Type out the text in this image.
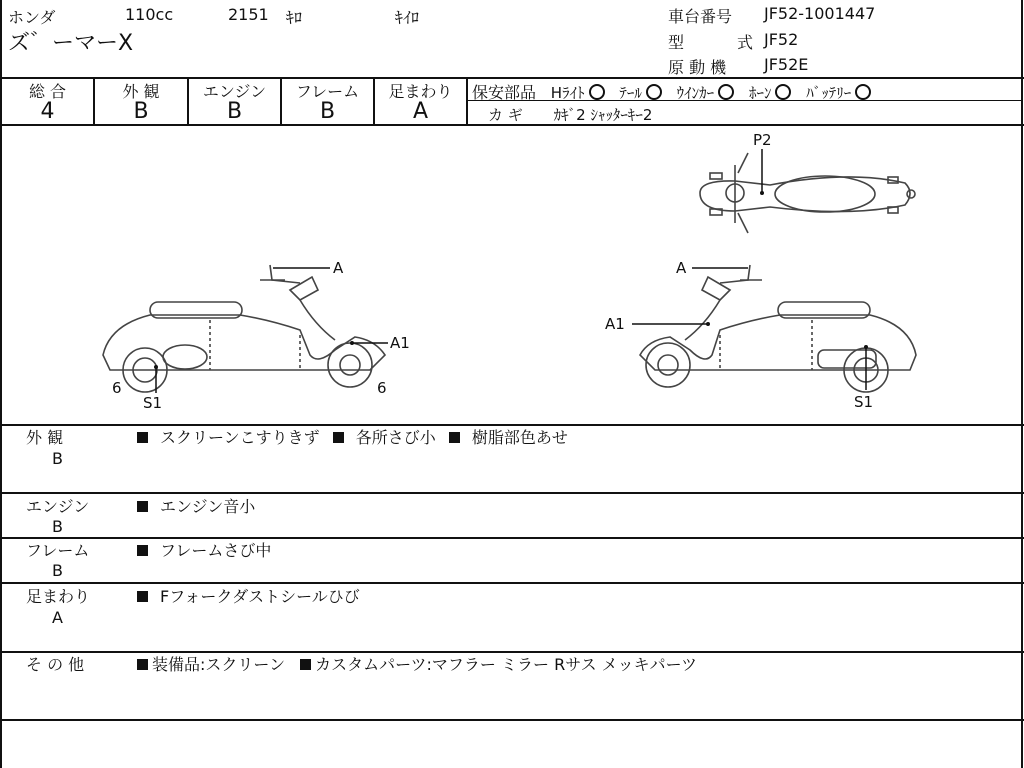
ホンダ	110cc	2151 ｷﾛ	ｷｲﾛ
ズ゛ーマーX
車台番号 JF52-1001447
型	式 JF52
原 動 機 JF52E
総 合
4
外 観
B
エンジン
B
フレーム
B
足まわり
A
保安部品 Hﾗｲﾄ ﾃｰﾙ ｳｲﾝｶｰ ﾎｰﾝ ﾊﾞｯﾃﾘｰ
カ ギ ｶｷﾞ2 ｼｬｯﾀｰｷｰ2
P2
A
A1
6
S1
6
A
A1
S1
外 観
B
スクリーンこすりきず 各所さび小 樹脂部色あせ
エンジン
B
エンジン音小
フレーム
B
フレームさび中
足まわり
A
Fフォークダストシールひび
そ の 他	装備品:スクリーン カスタムパーツ:マフラー ミラー Rサス メッキパーツ
